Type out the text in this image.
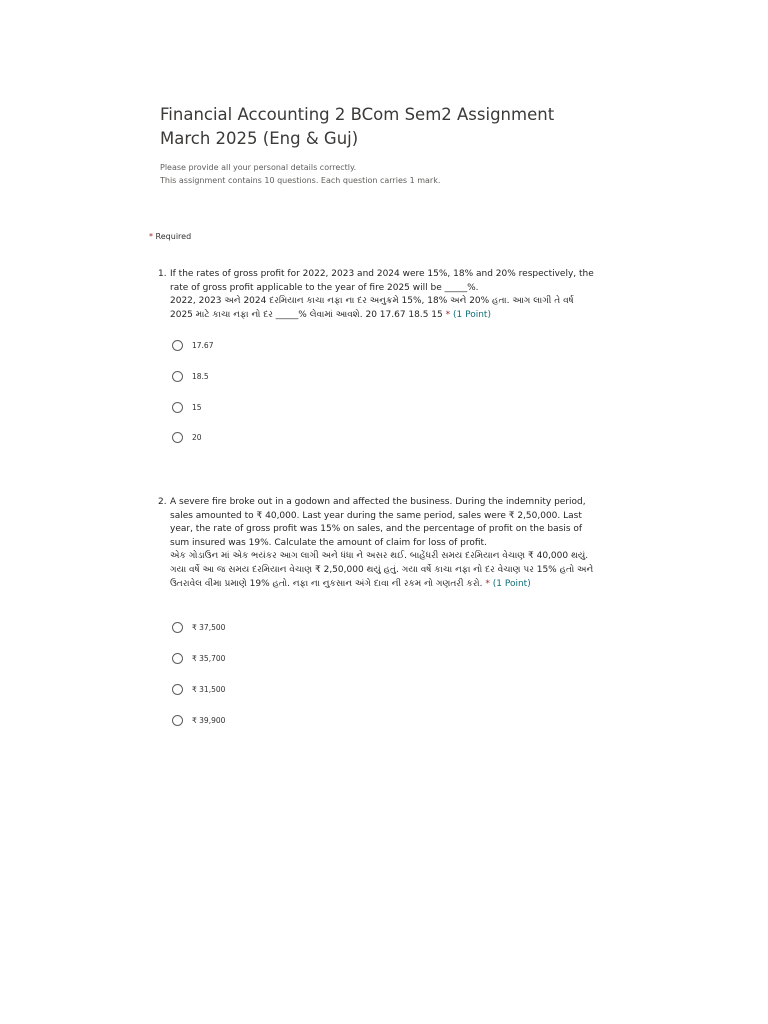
Financial Accounting 2 BCom Sem2 Assignment March 2025 (Eng & Guj)
Please provide all your personal details correctly.
This assignment contains 10 questions. Each question carries 1 mark.
* Required
1. If the rates of gross profit for 2022, 2023 and 2024 were 15%, 18% and 20% respectively, the rate of gross profit applicable to the year of fire 2025 will be _____%.

2022, 2023 અને 2024 દરમિયાન કાચા નફા ના દર અનુક્રમે 15%, 18% અને 20% હતા. આગ લાગી તે વર્ષ 2025 માટે કાચા નફા નો દર _____% લેવામાં આવશે. 20 17.67 18.5 15 * (1 Point)

17.67
18.5
15
20
2. A severe fire broke out in a godown and affected the business. During the indemnity period, sales amounted to ₹ 40,000. Last year during the same period, sales were ₹ 2,50,000. Last year, the rate of gross profit was 15% on sales, and the percentage of profit on the basis of sum insured was 19%. Calculate the amount of claim for loss of profit.

એક ગોડાઉન માં એક ભયંકર આગ લાગી અને ધંધા ને અસર થઈ. બાહેંધરી સમય દરમિયાન વેચાણ ₹ 40,000 થયું. ગયા વર્ષે આ જ સમય દરમિયાન વેચાણ ₹ 2,50,000 થયું હતું. ગયા વર્ષે કાચા નફા નો દર વેચાણ પર 15% હતો અને ઉતરાવેલ વીમા પ્રમાણે 19% હતો. નફા ના નુકસાન અંગે દાવા ની રકમ નો ગણતરી કરો. * (1 Point)

₹ 37,500
₹ 35,700
₹ 31,500
₹ 39,900
